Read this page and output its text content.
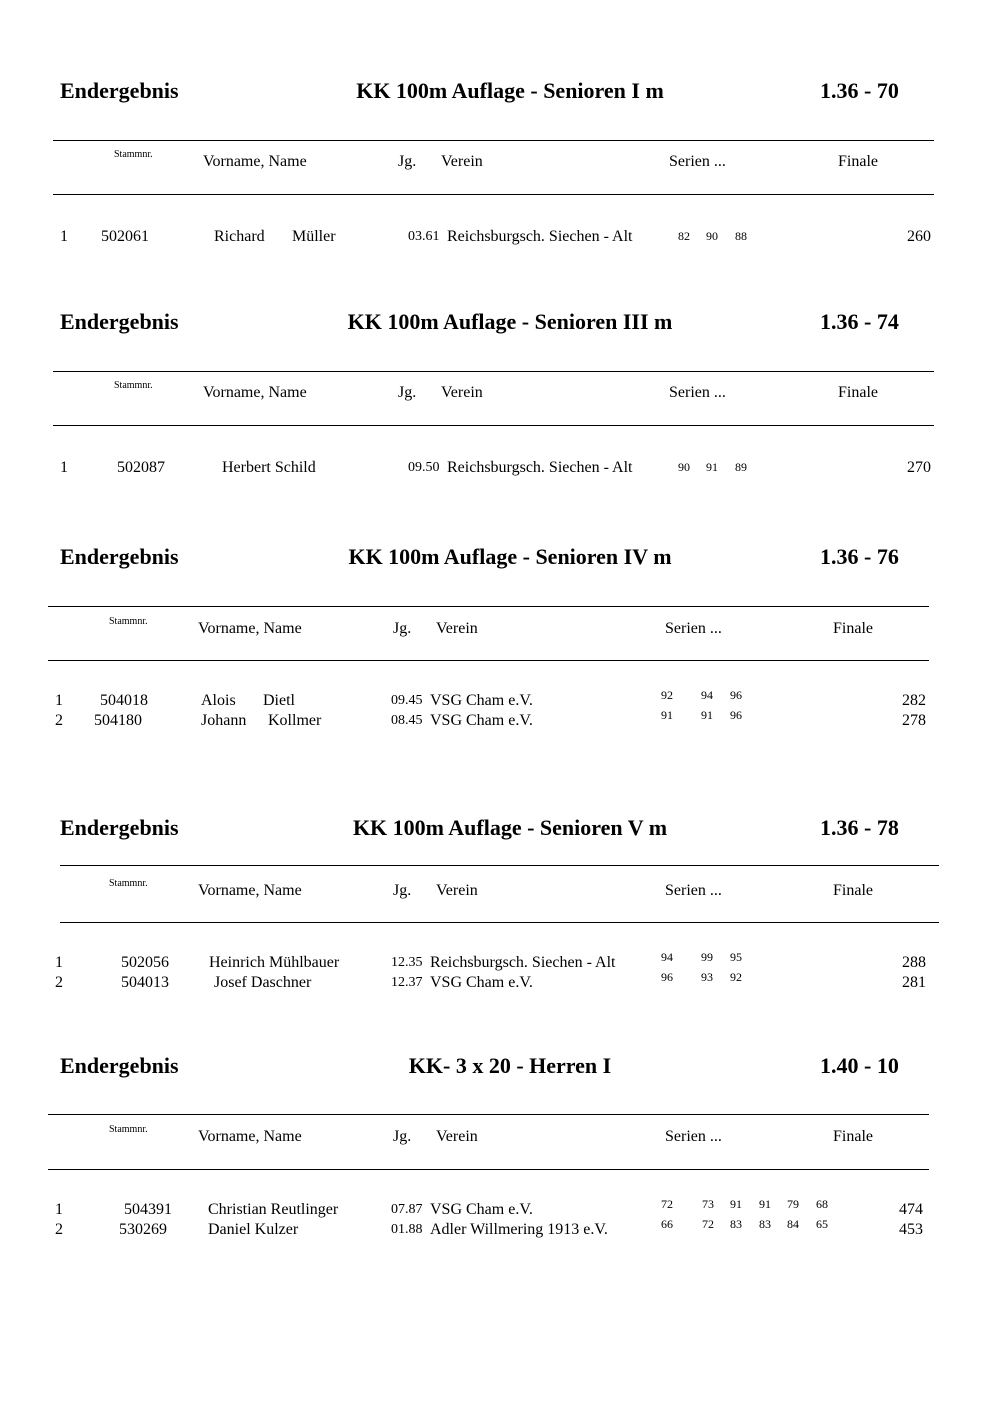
Endergebnis	KK 100m Auflage - Senioren I m	1.36 - 70
Stammnr.	Vorname, Name	Jg. Verein	Serien ...	Finale
1 502061	Richard Müller	03.61 Reichsburgsch. Siechen - Alt	82 90 88	260
Endergebnis	KK 100m Auflage - Senioren III m	1.36 - 74
Stammnr.	Vorname, Name	Jg. Verein	Serien ...	Finale
1	502087	Herbert Schild	09.50 Reichsburgsch. Siechen - Alt	90 91 89	270
Endergebnis	KK 100m Auflage - Senioren IV m	1.36 - 76
Stammnr.	Vorname, Name	Jg. Verein	Serien ...	Finale
1 504018	Alois Dietl	09.45 VSG Cham e.V.	92 94 96	282
2 504180	Johann Kollmer	08.45 VSG Cham e.V.	91 91 96	278
Endergebnis	KK 100m Auflage - Senioren V m	1.36 - 78
Stammnr.	Vorname, Name	Jg. Verein	Serien ...	Finale
1	502056	Heinrich Mühlbauer	12.35 Reichsburgsch. Siechen - Alt	94 99 95	288
2	504013	Josef Daschner	12.37 VSG Cham e.V.	96 93 92	281
Endergebnis	KK- 3 x 20 - Herren I	1.40 - 10
Stammnr.	Vorname, Name	Jg. Verein	Serien ...	Finale
1	504391 Christian Reutlinger	07.87 VSG Cham e.V.	72 73 91 91 79 68	474
2	530269	Daniel Kulzer	01.88 Adler Willmering 1913 e.V.	66 72 83 83 84 65	453
